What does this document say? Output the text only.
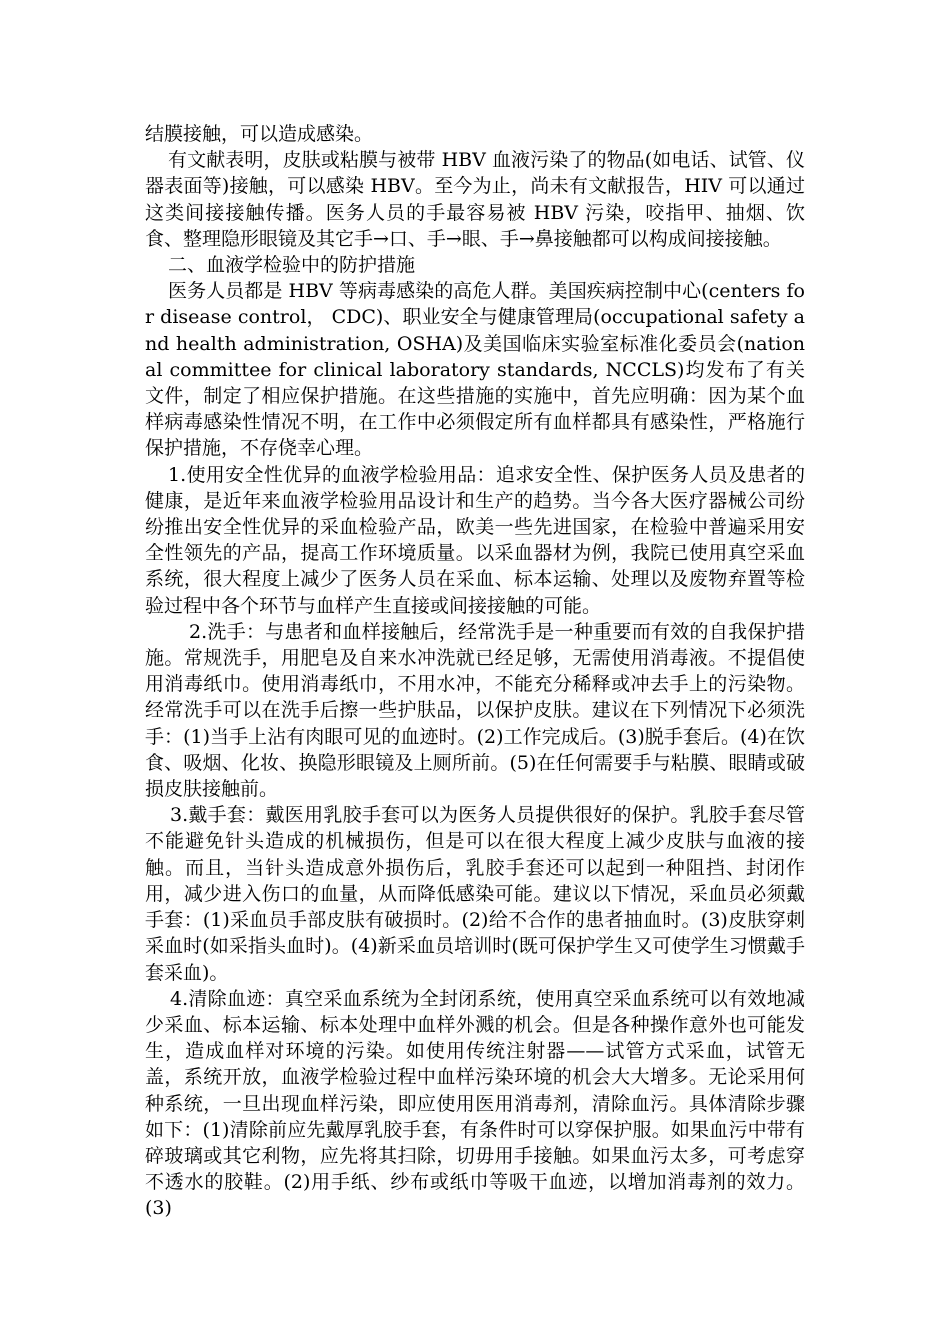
结膜接触，可以造成感染。

有文献表明，皮肤或粘膜与被带 HBV 血液污染了的物品(如电话、试管、仪器表面等)接触，可以感染 HBV。至今为止，尚未有文献报告，HIV 可以通过这类间接接触传播。医务人员的手最容易被 HBV 污染，咬指甲、抽烟、饮食、整理隐形眼镜及其它手→口、手→眼、手→鼻接触都可以构成间接接触。

二、血液学检验中的防护措施

医务人员都是 HBV 等病毒感染的高危人群。美国疾病控制中心(centers for disease control， CDC)、职业安全与健康管理局(occupational safety and health administration, OSHA)及美国临床实验室标准化委员会(national committee for clinical laboratory standards, NCCLS)均发布了有关文件，制定了相应保护措施。在这些措施的实施中，首先应明确：因为某个血样病毒感染性情况不明，在工作中必须假定所有血样都具有感染性，严格施行保护措施，不存侥幸心理。

1.使用安全性优异的血液学检验用品：追求安全性、保护医务人员及患者的健康，是近年来血液学检验用品设计和生产的趋势。当今各大医疗器械公司纷纷推出安全性优异的采血检验产品，欧美一些先进国家，在检验中普遍采用安全性领先的产品，提高工作环境质量。以采血器材为例，我院已使用真空采血系统，很大程度上减少了医务人员在采血、标本运输、处理以及废物弃置等检验过程中各个环节与血样产生直接或间接接触的可能。

2.洗手：与患者和血样接触后，经常洗手是一种重要而有效的自我保护措施。常规洗手，用肥皂及自来水冲洗就已经足够，无需使用消毒液。不提倡使用消毒纸巾。使用消毒纸巾，不用水冲，不能充分稀释或冲去手上的污染物。经常洗手可以在洗手后擦一些护肤品，以保护皮肤。建议在下列情况下必须洗手：(1)当手上沾有肉眼可见的血迹时。(2)工作完成后。(3)脱手套后。(4)在饮食、吸烟、化妆、换隐形眼镜及上厕所前。(5)在任何需要手与粘膜、眼睛或破损皮肤接触前。

3.戴手套：戴医用乳胶手套可以为医务人员提供很好的保护。乳胶手套尽管不能避免针头造成的机械损伤，但是可以在很大程度上减少皮肤与血液的接触。而且，当针头造成意外损伤后，乳胶手套还可以起到一种阻挡、封闭作用，减少进入伤口的血量，从而降低感染可能。建议以下情况，采血员必须戴手套：(1)采血员手部皮肤有破损时。(2)给不合作的患者抽血时。(3)皮肤穿刺采血时(如采指头血时)。(4)新采血员培训时(既可保护学生又可使学生习惯戴手套采血)。

4.清除血迹：真空采血系统为全封闭系统，使用真空采血系统可以有效地减少采血、标本运输、标本处理中血样外溅的机会。但是各种操作意外也可能发生，造成血样对环境的污染。如使用传统注射器——试管方式采血，试管无盖，系统开放，血液学检验过程中血样污染环境的机会大大增多。无论采用何种系统，一旦出现血样污染，即应使用医用消毒剂，清除血污。具体清除步骤如下：(1)清除前应先戴厚乳胶手套，有条件时可以穿保护服。如果血污中带有碎玻璃或其它利物，应先将其扫除，切毋用手接触。如果血污太多，可考虑穿不透水的胶鞋。(2)用手纸、纱布或纸巾等吸干血迹，以增加消毒剂的效力。(3)
